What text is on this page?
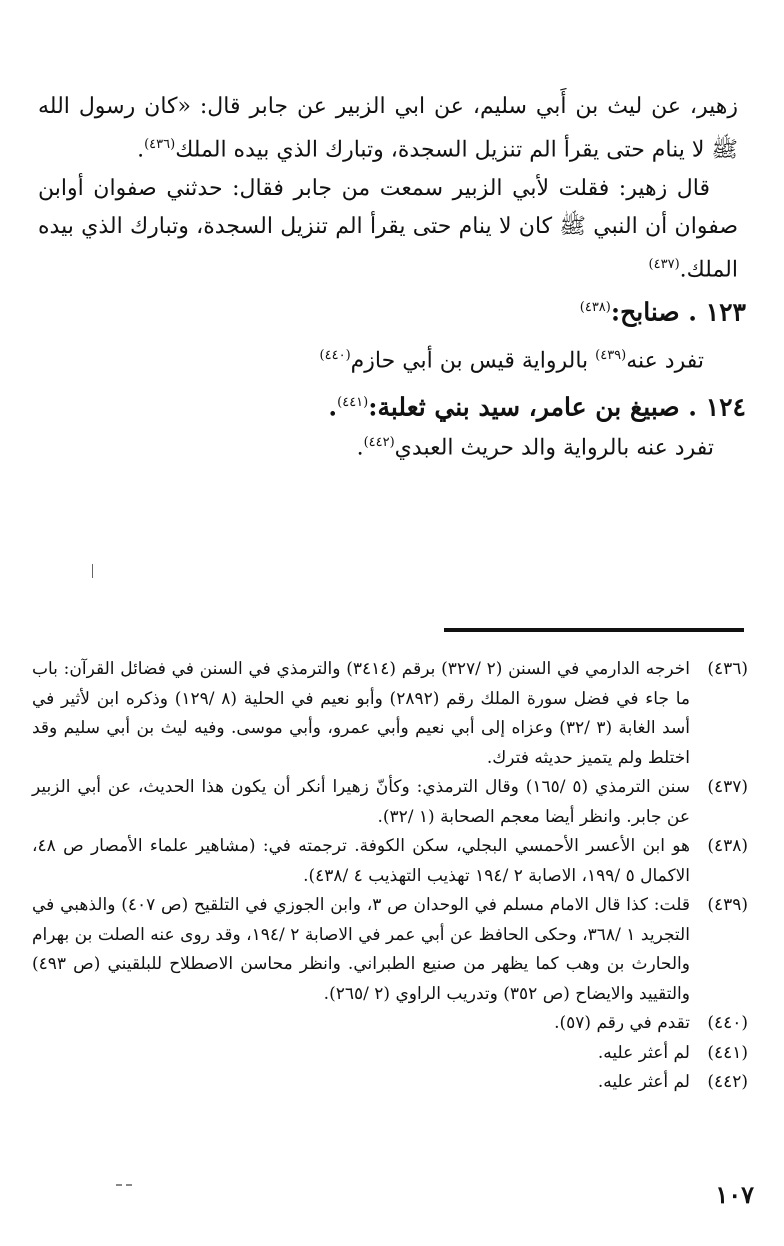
زهير، عن ليث بن أَبي سليم، عن ابي الزبير عن جابر قال: «كان رسول الله ﷺ لا ينام حتى يقرأ الم تنزيل السجدة، وتبارك الذي بيده الملك$^{(٤٣٦)}$.

قال زهير: فقلت لأبي الزبير سمعت من جابر فقال: حدثني صفوان أوابن صفوان أن النبي ﷺ كان لا ينام حتى يقرأ الم تنزيل السجدة، وتبارك الذي بيده الملك.$^{(٤٣٧)}$

١٢٣ . صنابح:$^{(٤٣٨)}$

تفرد عنه$^{(٤٣٩)}$ بالرواية قيس بن أبي حازم$^{(٤٤٠)}$

١٢٤ . صبيغ بن عامر، سيد بني ثعلبة:$^{(٤٤١)}$.

تفرد عنه بالرواية والد حريث العبدي$^{(٤٤٢)}$.

(٤٣٦)
اخرجه الدارمي في السنن (٢ /٣٢٧) برقم (٣٤١٤) والترمذي في السنن في فضائل القرآن: باب ما جاء في فضل سورة الملك رقم (٢٨٩٢) وأبو نعيم في الحلية (٨ /١٢٩) وذكره ابن لأثير في أسد الغابة (٣ /٣٢) وعزاه إلى أبي نعيم وأبي عمرو، وأبي موسى. وفيه ليث بن أبي سليم وقد اختلط ولم يتميز حديثه فترك.
(٤٣٧)
سنن الترمذي (٥ /١٦٥) وقال الترمذي: وكأنّ زهيرا أنكر أن يكون هذا الحديث، عن أبي الزبير عن جابر. وانظر أيضا معجم الصحابة (١ /٣٢).
(٤٣٨)
هو ابن الأعسر الأحمسي البجلي، سكن الكوفة. ترجمته في: (مشاهير علماء الأمصار ص ٤٨، الاكمال ٥ /١٩٩، الاصابة ٢ /١٩٤ تهذيب التهذيب ٤ /٤٣٨).
(٤٣٩)
قلت: كذا قال الامام مسلم في الوحدان ص ٣، وابن الجوزي في التلقيح (ص ٤٠٧) والذهبي في التجريد ١ /٣٦٨، وحكى الحافظ عن أبي عمر في الاصابة ٢ /١٩٤، وقد روى عنه الصلت بن بهرام والحارث بن وهب كما يظهر من صنيع الطبراني. وانظر محاسن الاصطلاح للبلقيني (ص ٤٩٣) والتقييد والايضاح (ص ٣٥٢) وتدريب الراوي (٢ /٢٦٥).
(٤٤٠)
تقدم في رقم (٥٧).
(٤٤١)
لم أعثر عليه.
(٤٤٢)
لم أعثر عليه.
١٠٧
